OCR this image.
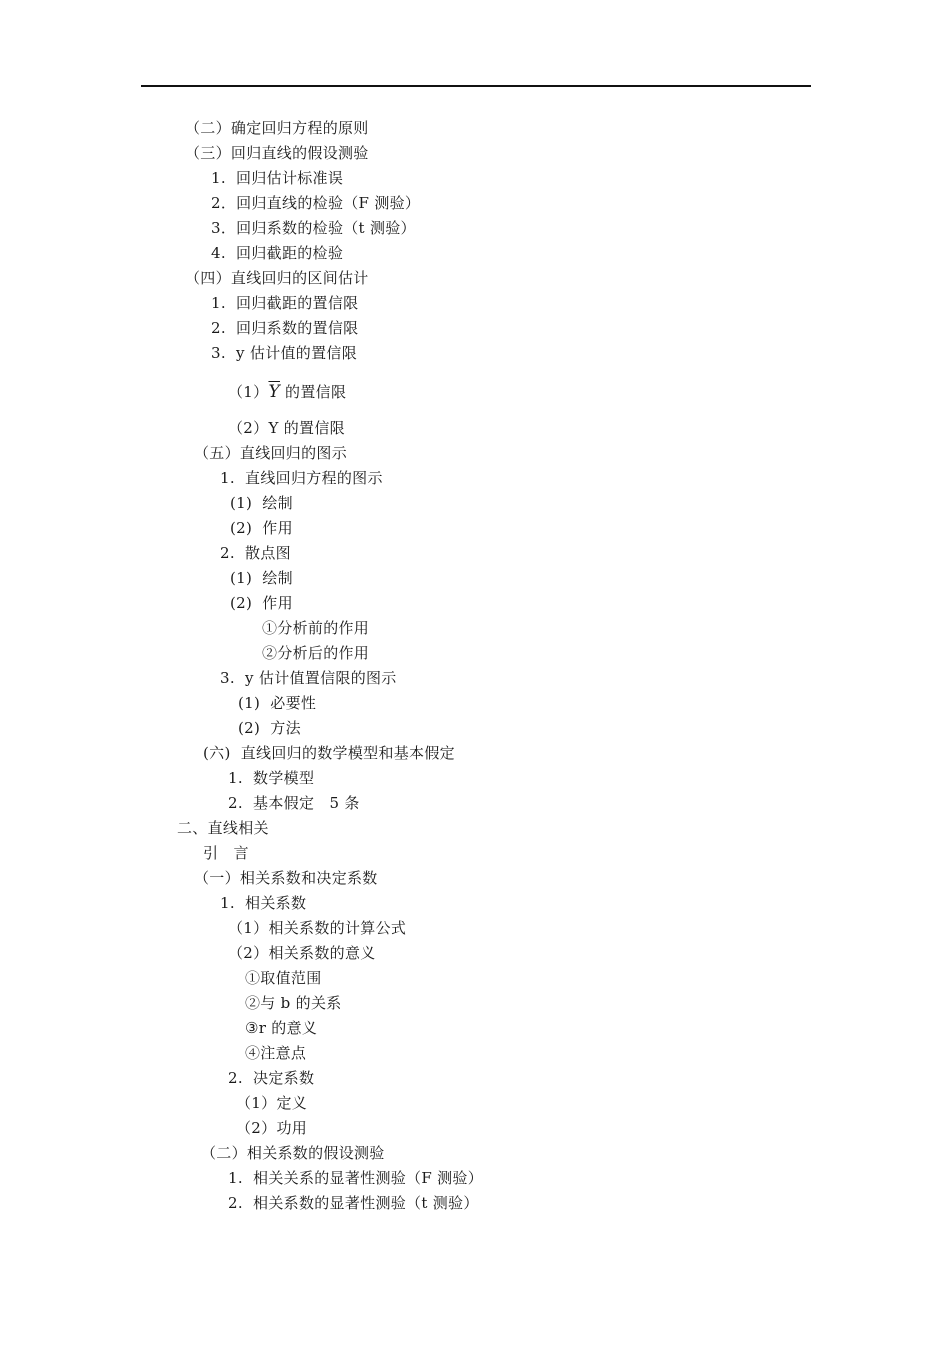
（二）确定回归方程的原则
（三）回归直线的假设测验
1.  回归估计标准误
2．回归直线的检验（F 测验）
3．回归系数的检验（t 测验）
4.  回归截距的检验
（四）直线回归的区间估计
1.  回归截距的置信限
2.  回归系数的置信限
3.  y 估计值的置信限
$(1)\overline{Y}$ 的置信限
（2）Y 的置信限
（五）直线回归的图示
1.  直线回归方程的图示
(1)  绘制
(2)  作用
2.  散点图
(1)  绘制
(2)  作用
①分析前的作用
②分析后的作用
3.  y 估计值置信限的图示
(1)  必要性
(2)  方法
(六)  直线回归的数学模型和基本假定
1.  数学模型
2.  基本假定   5 条
二、直线相关
引   言
（一）相关系数和决定系数
1.  相关系数
（1）相关系数的计算公式
（2）相关系数的意义
①取值范围
②与 b 的关系
③r 的意义
④注意点
2.  决定系数
（1）定义
（2）功用
（二）相关系数的假设测验
1.  相关关系的显著性测验（F 测验）
2.  相关系数的显著性测验（t 测验）
